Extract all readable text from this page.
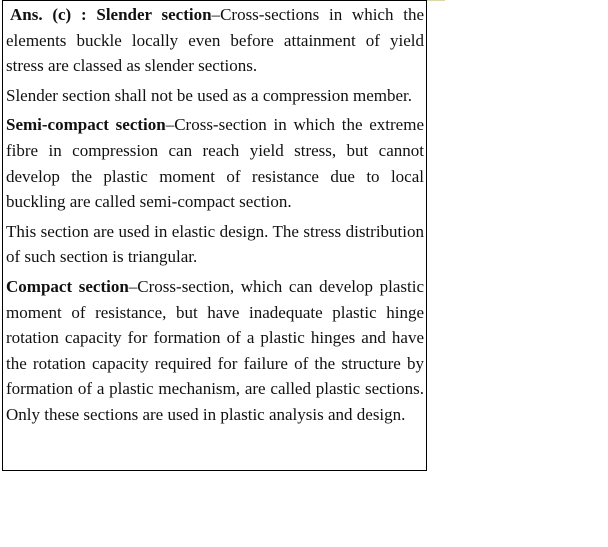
Ans. (c) : Slender section–Cross-sections in which the elements buckle locally even before attainment of yield stress are classed as slender sections.

Slender section shall not be used as a compression member.

Semi-compact section–Cross-section in which the extreme fibre in compression can reach yield stress, but cannot develop the plastic moment of resistance due to local buckling are called semi-compact section.

This section are used in elastic design. The stress distribution of such section is triangular.

Compact section–Cross-section, which can develop plastic moment of resistance, but have inadequate plastic hinge rotation capacity for formation of a plastic hinges and have the rotation capacity required for failure of the structure by formation of a plastic mechanism, are called plastic sections. Only these sections are used in plastic analysis and design.
